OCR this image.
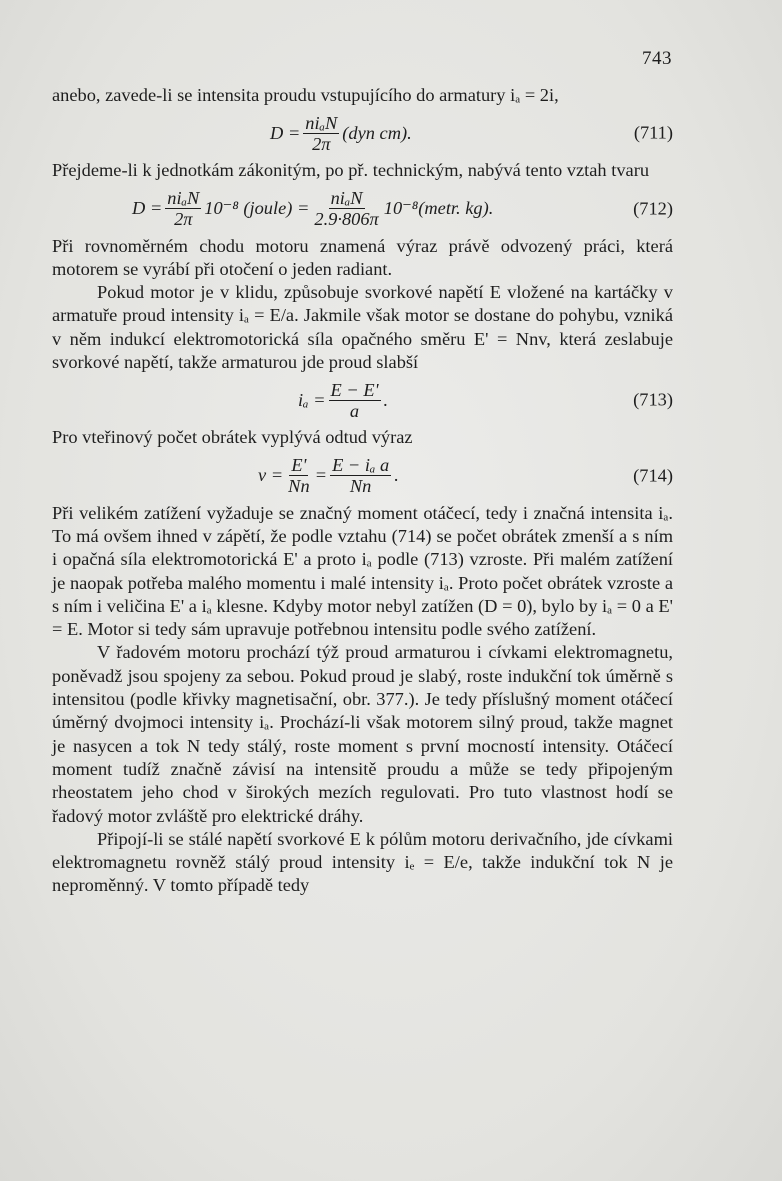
743

anebo, zavede-li se intensita proudu vstupujícího do armatury iₐ = 2i,

$D = \frac{\text{niₐN}}{2\pi} (dyn$ cm).	(711)

Přejdeme-li k jednotkám zákonitým, po př. technickým, nabývá tento vztah tvaru

$D = \frac{\text{niₐN}}{2\pi} 10^{-8}$ (joule) = $\frac{\text{niₐN}}{2.9\cdot 806\pi}$ 10⁻⁸(metr. kg).	(712)

Při rovnoměrném chodu motoru znamená výraz právě odvozený práci, která motorem se vyrábí při otočení o jeden radiant.

Pokud motor je v klidu, způsobuje svorkové napětí E vložené na kartáčky v armatuře proud intensity iₐ = E/a. Jakmile však motor se dostane do pohybu, vzniká v něm indukcí elektromotorická síla opačného směru E' = Nnv, která zeslabuje svorkové napětí, takže armaturou jde proud slabší

$i_a = \frac{E - E'}{a}$ .	(713)

Pro vteřinový počet obrátek vyplývá odtud výraz

$v = \frac{E'}{Nn} = \frac{\text{E − iₐ a}}{Nn}$ .	(714)

Při velikém zatížení vyžaduje se značný moment otáčecí, tedy i značná intensita iₐ. To má ovšem ihned v zápětí, že podle vztahu (714) se počet obrátek zmenší a s ním i opačná síla elektromotorická E' a proto iₐ podle (713) vzroste. Při malém zatížení je naopak potřeba malého momentu i malé intensity iₐ. Proto počet obrátek vzroste a s ním i veličina E' a iₐ klesne. Kdyby motor nebyl zatížen (D = 0), bylo by iₐ = 0 a E' = E. Motor si tedy sám upravuje potřebnou intensitu podle svého zatížení.

V řadovém motoru prochází týž proud armaturou i cívkami elektromagnetu, poněvadž jsou spojeny za sebou. Pokud proud je slabý, roste indukční tok úměrně s intensitou (podle křivky magnetisační, obr. 377.). Je tedy příslušný moment otáčecí úměrný dvojmoci intensity iₐ. Prochází-li však motorem silný proud, takže magnet je nasycen a tok N tedy stálý, roste moment s první mocností intensity. Otáčecí moment tudíž značně závisí na intensitě proudu a může se tedy připojeným rheostatem jeho chod v širokých mezích regulovati. Pro tuto vlastnost hodí se řadový motor zvláště pro elektrické dráhy.

Připojí-li se stálé napětí svorkové E k pólům motoru derivačního, jde cívkami elektromagnetu rovněž stálý proud intensity iₑ = E/e, takže indukční tok N je neproměnný. V tomto případě tedy
